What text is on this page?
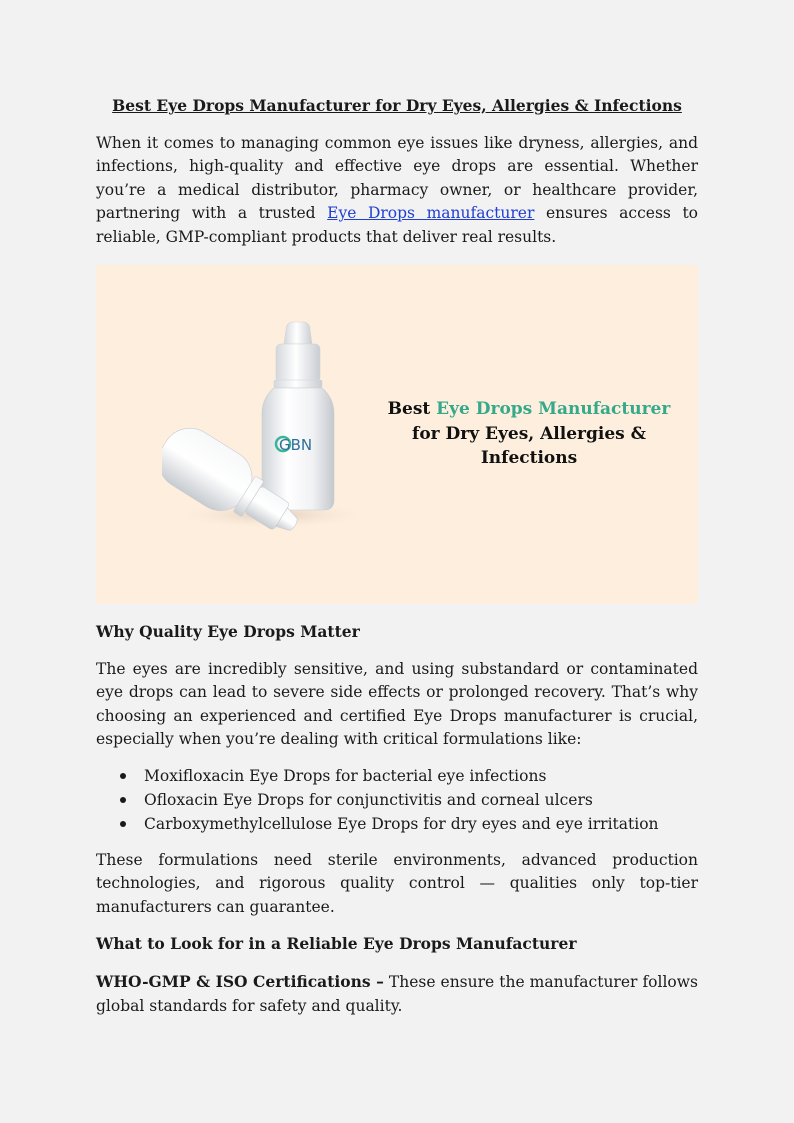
Best Eye Drops Manufacturer for Dry Eyes, Allergies & Infections

When it comes to managing common eye issues like dryness, allergies, and infections, high-quality and effective eye drops are essential. Whether you’re a medical distributor, pharmacy owner, or healthcare provider, partnering with a trusted Eye Drops manufacturer ensures access to reliable, GMP-compliant products that deliver real results.

GBN
Best Eye Drops Manufacturer
for Dry Eyes, Allergies &
Infections

Why Quality Eye Drops Matter

The eyes are incredibly sensitive, and using substandard or contaminated eye drops can lead to severe side effects or prolonged recovery. That’s why choosing an experienced and certified Eye Drops manufacturer is crucial, especially when you’re dealing with critical formulations like:

Moxifloxacin Eye Drops for bacterial eye infections
Ofloxacin Eye Drops for conjunctivitis and corneal ulcers
Carboxymethylcellulose Eye Drops for dry eyes and eye irritation

These formulations need sterile environments, advanced production technologies, and rigorous quality control — qualities only top-tier manufacturers can guarantee.

What to Look for in a Reliable Eye Drops Manufacturer

WHO-GMP & ISO Certifications – These ensure the manufacturer follows global standards for safety and quality.
